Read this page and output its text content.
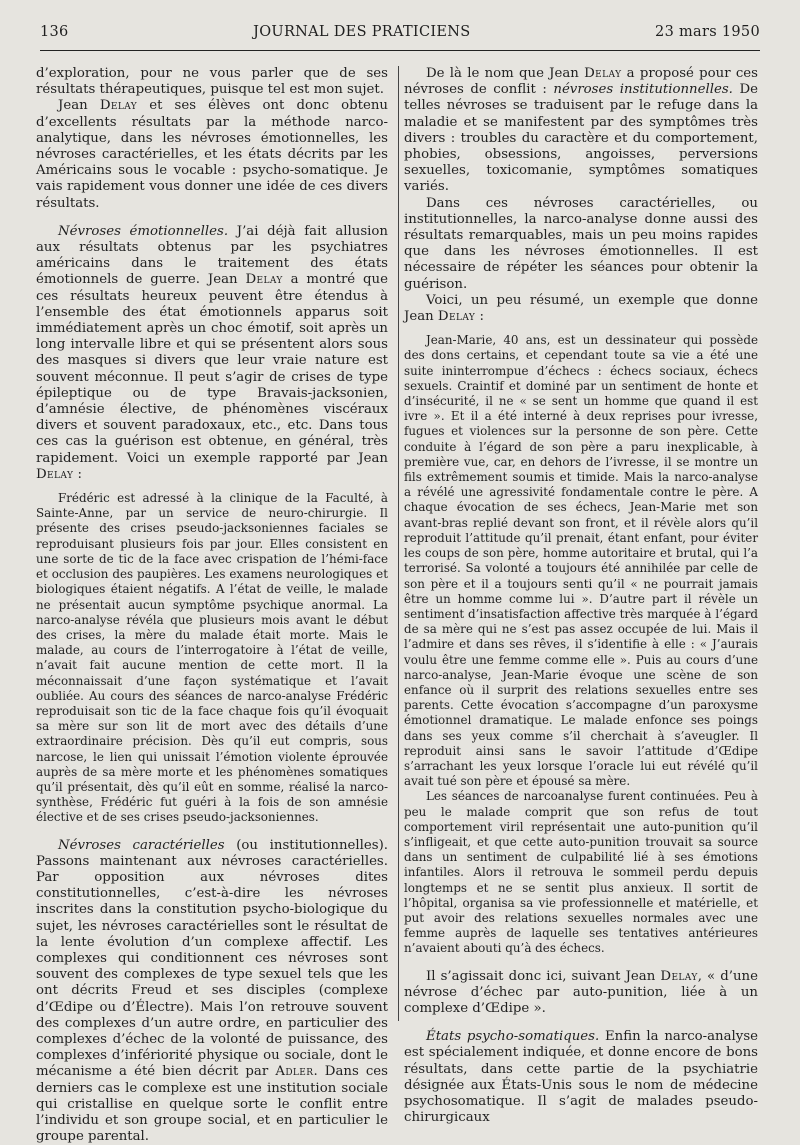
136	JOURNAL DES PRATICIENS	23 mars 1950

d’exploration, pour ne vous parler que de ses résultats thérapeutiques, puisque tel est mon sujet.

Jean Delay et ses élèves ont donc obtenu d’excellents résultats par la méthode narco-analytique, dans les névroses émotionnelles, les névroses caractérielles, et les états décrits par les Américains sous le vocable : psycho-somatique. Je vais rapidement vous donner une idée de ces divers résultats.

Névroses émotionnelles. J’ai déjà fait allusion aux résultats obtenus par les psychiatres américains dans le traitement des états émotionnels de guerre. Jean Delay a montré que ces résultats heureux peuvent être étendus à l’ensemble des état émotionnels apparus soit immédiatement après un choc émotif, soit après un long intervalle libre et qui se présentent alors sous des masques si divers que leur vraie nature est souvent méconnue. Il peut s’agir de crises de type épileptique ou de type Bravais-jacksonien, d’amnésie élective, de phénomènes viscéraux divers et souvent paradoxaux, etc., etc. Dans tous ces cas la guérison est obtenue, en général, très rapidement. Voici un exemple rapporté par Jean Delay :

Frédéric est adressé à la clinique de la Faculté, à Sainte-Anne, par un service de neuro-chirurgie. Il présente des crises pseudo-jacksoniennes faciales se reproduisant plusieurs fois par jour. Elles consistent en une sorte de tic de la face avec crispation de l’hémi-face et occlusion des paupières. Les examens neurologiques et biologiques étaient négatifs. A l’état de veille, le malade ne présentait aucun symptôme psychique anormal. La narco-analyse révéla que plusieurs mois avant le début des crises, la mère du malade était morte. Mais le malade, au cours de l’interrogatoire à l’état de veille, n’avait fait aucune mention de cette mort. Il la méconnaissait d’une façon systématique et l’avait oubliée. Au cours des séances de narco-analyse Frédéric reproduisait son tic de la face chaque fois qu’il évoquait sa mère sur son lit de mort avec des détails d’une extraordinaire précision. Dès qu’il eut compris, sous narcose, le lien qui unissait l’émotion violente éprouvée auprès de sa mère morte et les phénomènes somatiques qu’il présentait, dès qu’il eût en somme, réalisé la narco-synthèse, Frédéric fut guéri à la fois de son amnésie élective et de ses crises pseudo-jacksoniennes.

Névroses caractérielles (ou institutionnelles). Passons maintenant aux névroses caractérielles. Par opposition aux névroses dites constitutionnelles, c’est-à-dire les névroses inscrites dans la constitution psycho-biologique du sujet, les névroses caractérielles sont le résultat de la lente évolution d’un complexe affectif. Les complexes qui conditionnent ces névroses sont souvent des complexes de type sexuel tels que les ont décrits Freud et ses disciples (complexe d’Œdipe ou d’Électre). Mais l’on retrouve souvent des complexes d’un autre ordre, en particulier des complexes d’échec de la volonté de puissance, des complexes d’infériorité physique ou sociale, dont le mécanisme a été bien décrit par Adler. Dans ces derniers cas le complexe est une institution sociale qui cristallise en quelque sorte le conflit entre l’individu et son groupe social, et en particulier le groupe parental.

De là le nom que Jean Delay a proposé pour ces névroses de conflit : névroses institutionnelles. De telles névroses se traduisent par le refuge dans la maladie et se manifestent par des symptômes très divers : troubles du caractère et du comportement, phobies, obsessions, angoisses, perversions sexuelles, toxicomanie, symptômes somatiques variés.

Dans ces névroses caractérielles, ou institutionnelles, la narco-analyse donne aussi des résultats remarquables, mais un peu moins rapides que dans les névroses émotionnelles. Il est nécessaire de répéter les séances pour obtenir la guérison.

Voici, un peu résumé, un exemple que donne Jean Delay :

Jean-Marie, 40 ans, est un dessinateur qui possède des dons certains, et cependant toute sa vie a été une suite ininterrompue d’échecs : échecs sociaux, échecs sexuels. Craintif et dominé par un sentiment de honte et d’insécurité, il ne « se sent un homme que quand il est ivre ». Et il a été interné à deux reprises pour ivresse, fugues et violences sur la personne de son père. Cette conduite à l’égard de son père a paru inexplicable, à première vue, car, en dehors de l’ivresse, il se montre un fils extrêmement soumis et timide. Mais la narco-analyse a révélé une agressivité fondamentale contre le père. A chaque évocation de ses échecs, Jean-Marie met son avant-bras replié devant son front, et il révèle alors qu’il reproduit l’attitude qu’il prenait, étant enfant, pour éviter les coups de son père, homme autoritaire et brutal, qui l’a terrorisé. Sa volonté a toujours été annihilée par celle de son père et il a toujours senti qu’il « ne pourrait jamais être un homme comme lui ». D’autre part il révèle un sentiment d’insatisfaction affective très marquée à l’égard de sa mère qui ne s’est pas assez occupée de lui. Mais il l’admire et dans ses rêves, il s’identifie à elle : « J’aurais voulu être une femme comme elle ». Puis au cours d’une narco-analyse, Jean-Marie évoque une scène de son enfance où il surprit des relations sexuelles entre ses parents. Cette évocation s’accompagne d’un paroxysme émotionnel dramatique. Le malade enfonce ses poings dans ses yeux comme s’il cherchait à s’aveugler. Il reproduit ainsi sans le savoir l’attitude d’Œdipe s’arrachant les yeux lorsque l’oracle lui eut révélé qu’il avait tué son père et épousé sa mère.

Les séances de narcoanalyse furent continuées. Peu à peu le malade comprit que son refus de tout comportement viril représentait une auto-punition qu’il s’infligeait, et que cette auto-punition trouvait sa source dans un sentiment de culpabilité lié à ses émotions infantiles. Alors il retrouva le sommeil perdu depuis longtemps et ne se sentit plus anxieux. Il sortit de l’hôpital, organisa sa vie professionnelle et matérielle, et put avoir des relations sexuelles normales avec une femme auprès de laquelle ses tentatives antérieures n’avaient abouti qu’à des échecs.

Il s’agissait donc ici, suivant Jean Delay, « d’une névrose d’échec par auto-punition, liée à un complexe d’Œdipe ».

États psycho-somatiques. Enfin la narco-analyse est spécialement indiquée, et donne encore de bons résultats, dans cette partie de la psychiatrie désignée aux États-Unis sous le nom de médecine psychosomatique. Il s’agit de malades pseudo-chirurgicaux
